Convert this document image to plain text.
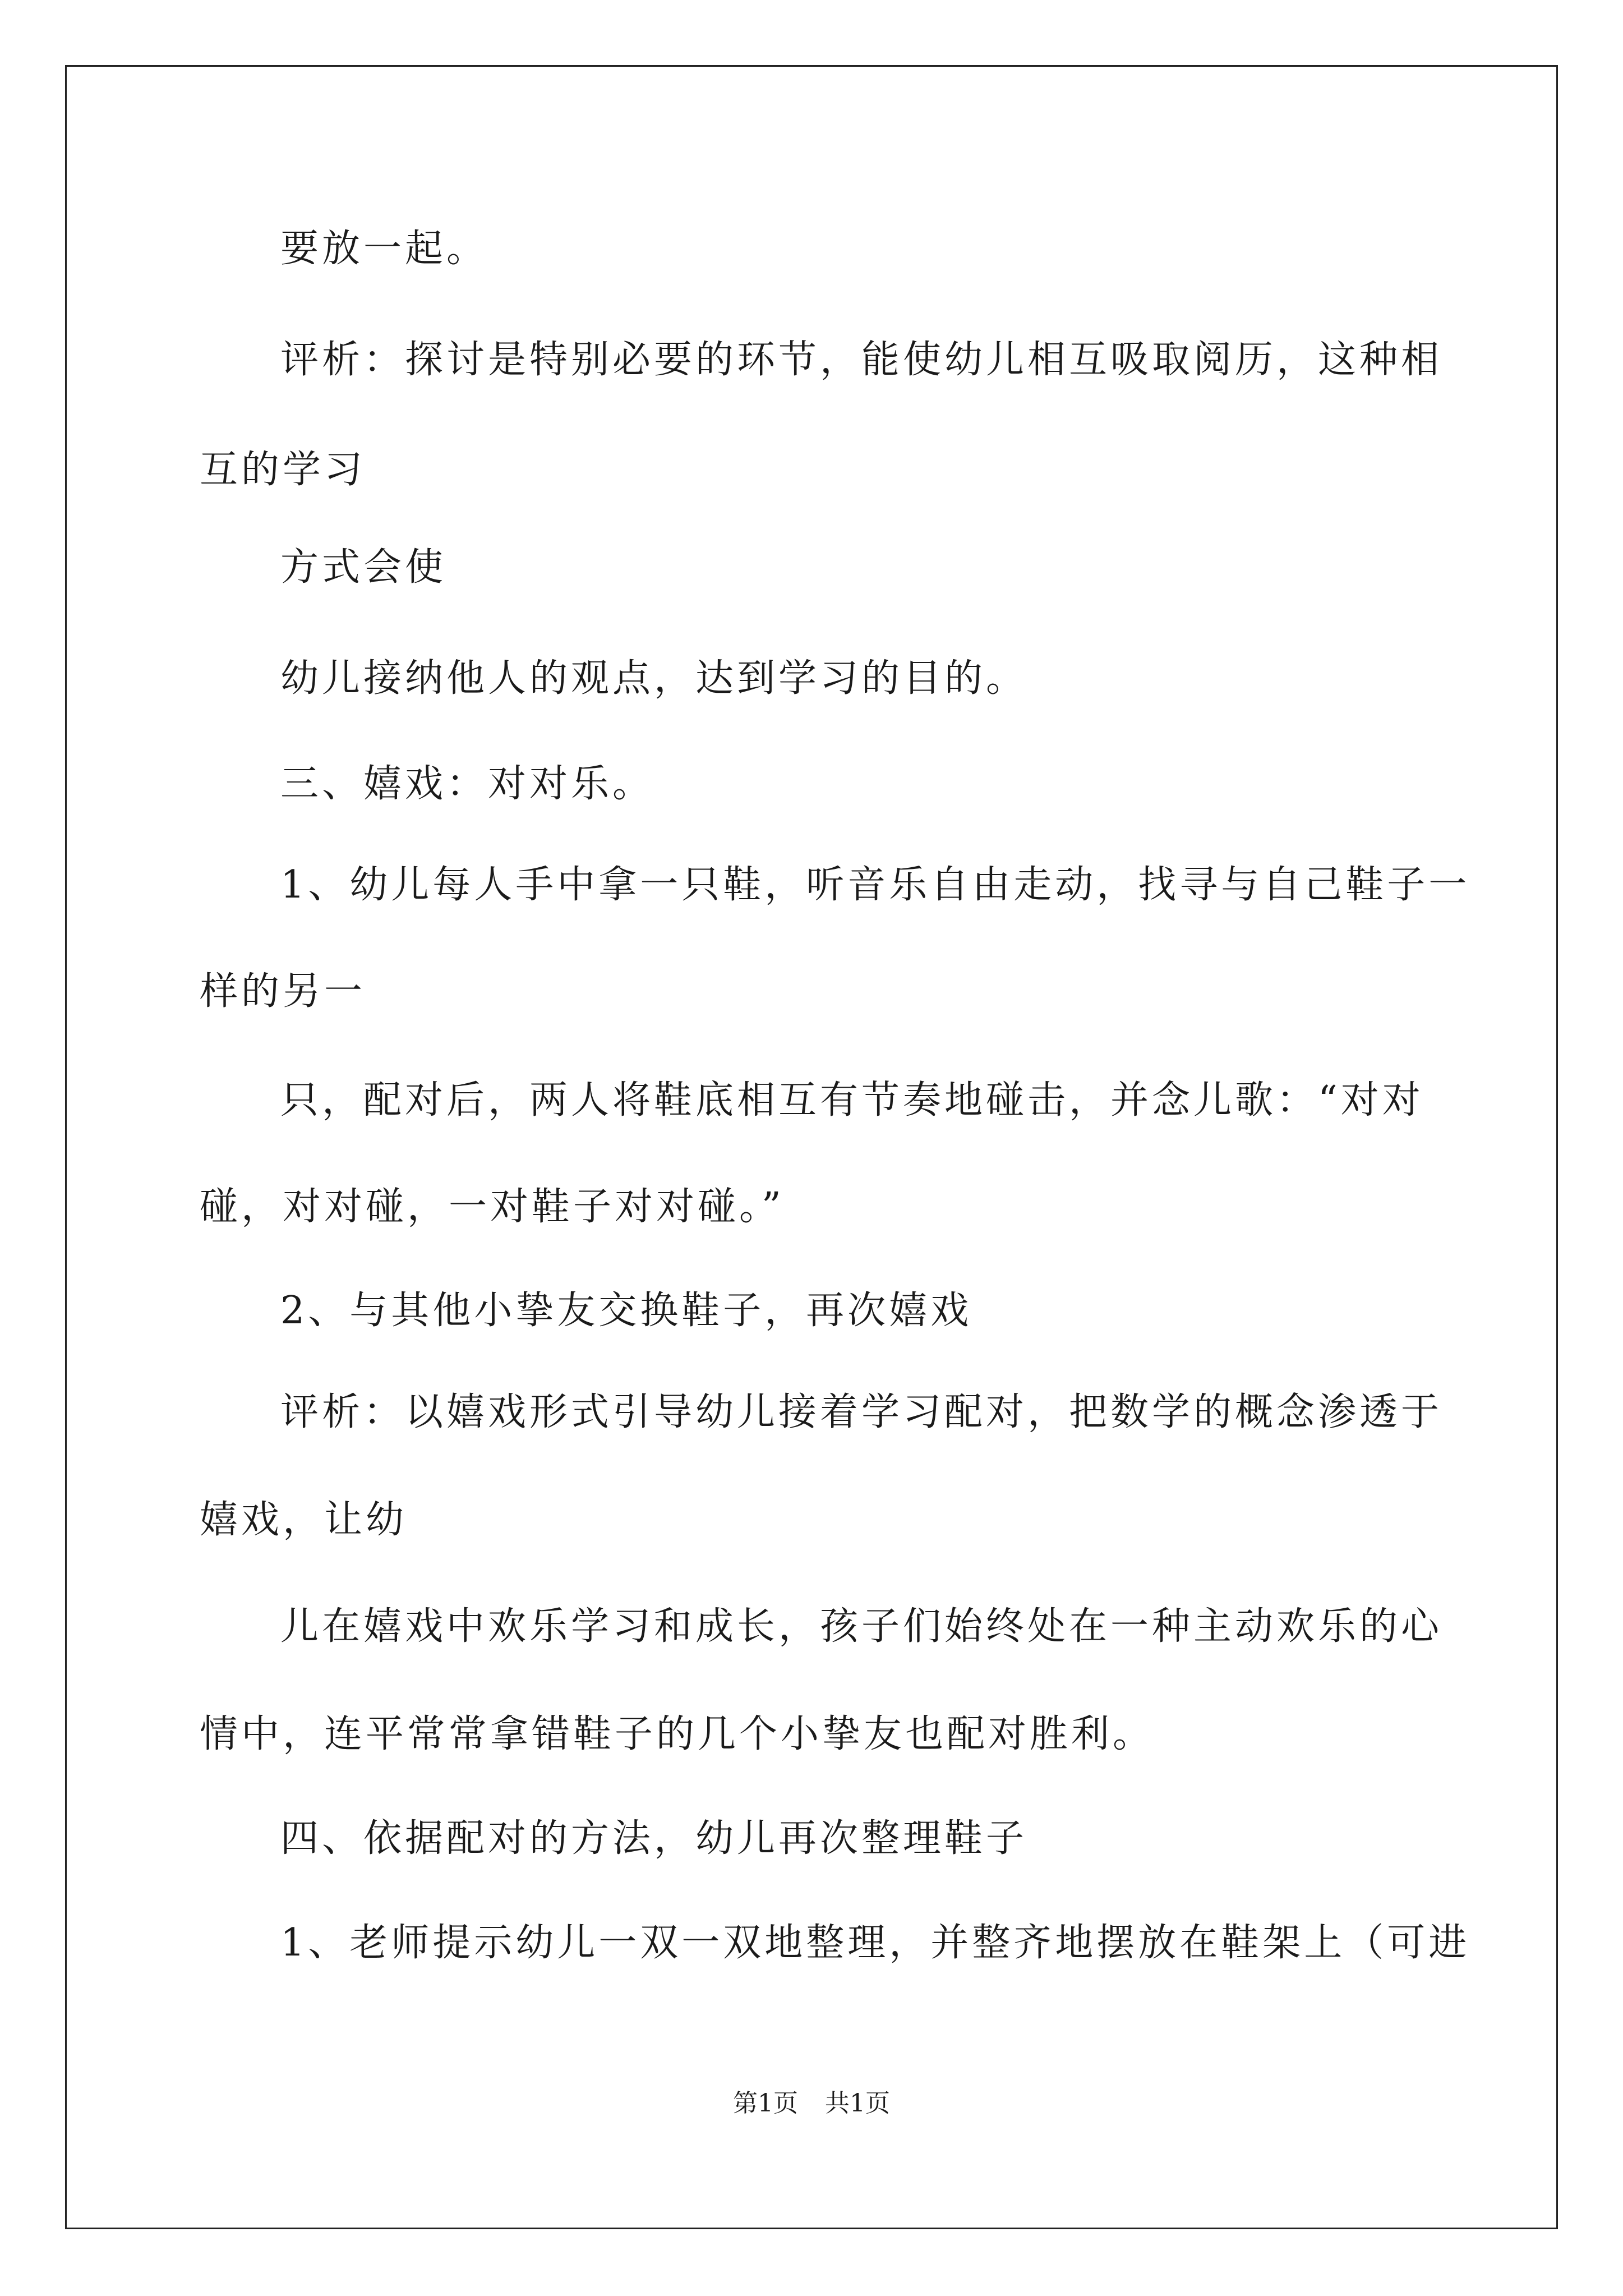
要放一起。
评析：探讨是特别必要的环节，能使幼儿相互吸取阅历，这种相
互的学习
方式会使
幼儿接纳他人的观点，达到学习的目的。
三、嬉戏：对对乐。
1、幼儿每人手中拿一只鞋，听音乐自由走动，找寻与自己鞋子一
样的另一
只，配对后，两人将鞋底相互有节奏地碰击，并念儿歌：“对对
碰，对对碰，一对鞋子对对碰。”
2、与其他小挚友交换鞋子，再次嬉戏
评析：以嬉戏形式引导幼儿接着学习配对，把数学的概念渗透于
嬉戏，让幼
儿在嬉戏中欢乐学习和成长，孩子们始终处在一种主动欢乐的心
情中，连平常常拿错鞋子的几个小挚友也配对胜利。
四、依据配对的方法，幼儿再次整理鞋子
1、老师提示幼儿一双一双地整理，并整齐地摆放在鞋架上（可进
第1页 共1页
